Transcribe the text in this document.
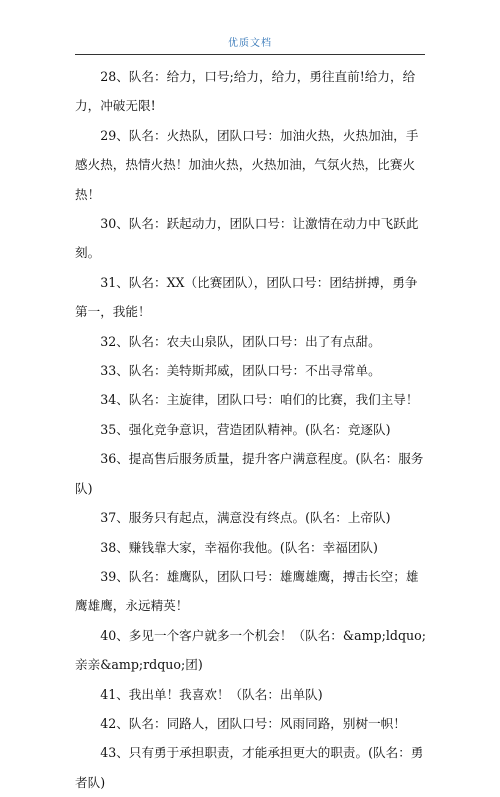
优质文档

28、队名：给力，口号;给力，给力，勇往直前!给力，给力，冲破无限!

29、队名：火热队，团队口号：加油火热，火热加油，手感火热，热情火热！加油火热，火热加油，气氛火热，比赛火热！

30、队名：跃起动力，团队口号：让激情在动力中飞跃此刻。

31、队名：XX（比赛团队），团队口号：团结拼搏，勇争第一，我能！

32、队名：农夫山泉队，团队口号：出了有点甜。

33、队名：美特斯邦威，团队口号：不出寻常单。

34、队名：主旋律，团队口号：咱们的比赛，我们主导！

35、强化竞争意识，营造团队精神。(队名：竞逐队)

36、提高售后服务质量，提升客户满意程度。(队名：服务队)

37、服务只有起点，满意没有终点。(队名：上帝队)

38、赚钱靠大家，幸福你我他。(队名：幸福团队)

39、队名：雄鹰队，团队口号：雄鹰雄鹰，搏击长空；雄鹰雄鹰，永远精英！

40、多见一个客户就多一个机会！（队名：&amp;ldquo;亲亲&amp;rdquo;团)

41、我出单！我喜欢！（队名：出单队)

42、队名：同路人，团队口号：风雨同路，别树一帜！

43、只有勇于承担职责，才能承担更大的职责。(队名：勇者队)
